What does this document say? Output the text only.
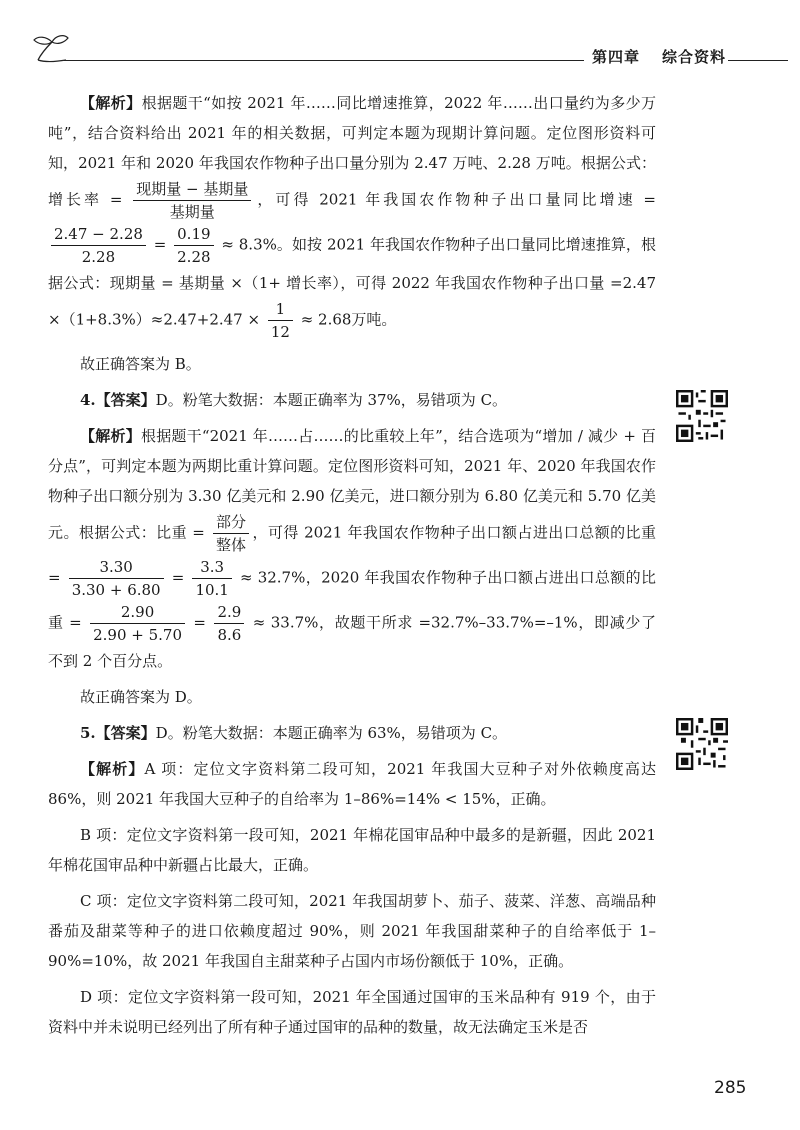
第四章 综合资料

【解析】根据题干“如按 2021 年……同比增速推算，2022 年……出口量约为多少万吨”，结合资料给出 2021 年的相关数据，可判定本题为现期计算问题。定位图形资料可知，2021 年和 2020 年我国农作物种子出口量分别为 2.47 万吨、2.28 万吨。根据公式：增长率 = $\frac{\text{现期量 − 基期量}}{\text{基期量}}$ ，可得 2021 年我国农作物种子出口量同比增速 =
$\frac{2.47 - 2.28}{2.28} = \frac{0.19}{2.28} \approx 8.3\%$。如按 2021 年我国农作物种子出口量同比增速推算，根据公式：现期量 = 基期量 ×（1+ 增长率），可得 2022 年我国农作物种子出口量 $=2.47 \times(1+8.3\%)\approx 2.47+2.47 \times \frac{1}{12} \approx 2.68$万吨。

故正确答案为 B。

4.【答案】D。粉笔大数据：本题正确率为 37%，易错项为 C。

【解析】根据题干“2021 年……占……的比重较上年”，结合选项为“增加 / 减少 + 百分点”，可判定本题为两期比重计算问题。定位图形资料可知，2021 年、2020 年我国农作物种子出口额分别为 3.30 亿美元和 2.90 亿美元，进口额分别为 6.80 亿美元和 5.70 亿美元。根据公式：比重 = $\frac{\text{部分}}{\text{整体}}$ ，可得 2021 年我国农作物种子出口额占进出口总额的比重 = $\frac{3.30}{3.30 + 6.80} = \frac{3.3}{10.1} \approx 32.7\%$，2020 年我国农作物种子出口额占进出口总额的比重 = $\frac{2.90}{2.90 + 5.70} = \frac{2.9}{8.6} \approx 33.7\%$，故题干所求 =32.7%–33.7%=–1%，即减少了不到 2 个百分点。

故正确答案为 D。

5.【答案】D。粉笔大数据：本题正确率为 63%，易错项为 C。

【解析】A 项：定位文字资料第二段可知，2021 年我国大豆种子对外依赖度高达 86%，则 2021 年我国大豆种子的自给率为 1–86%=14% < 15%，正确。

B 项：定位文字资料第一段可知，2021 年棉花国审品种中最多的是新疆，因此 2021 年棉花国审品种中新疆占比最大，正确。

C 项：定位文字资料第二段可知，2021 年我国胡萝卜、茄子、菠菜、洋葱、高端品种番茄及甜菜等种子的进口依赖度超过 90%，则 2021 年我国甜菜种子的自给率低于 1–90%=10%，故 2021 年我国自主甜菜种子占国内市场份额低于 10%，正确。

D 项：定位文字资料第一段可知，2021 年全国通过国审的玉米品种有 919 个，由于资料中并未说明已经列出了所有种子通过国审的品种的数量，故无法确定玉米是否

285
